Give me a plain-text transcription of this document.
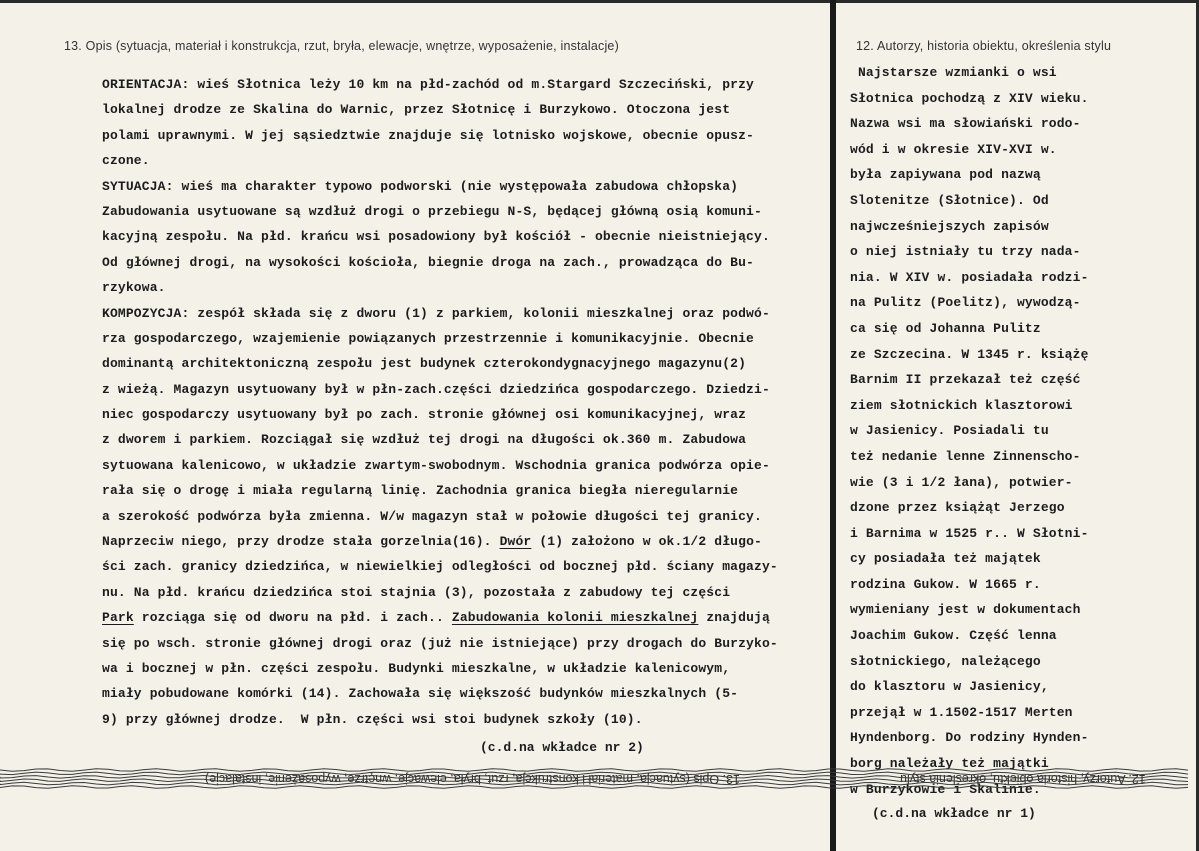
13. Opis (sytuacja, materiał i konstrukcja, rzut, bryła, elewacje, wnętrze, wyposażenie, instalacje)	12. Autorzy, historia obiektu, określenia stylu
ORIENTACJA: wieś Słotnica leży 10 km na płd-zachód od m.Stargard Szczeciński, przy
lokalnej drodze ze Skalina do Warnic, przez Słotnicę i Burzykowo. Otoczona jest
polami uprawnymi. W jej sąsiedztwie znajduje się lotnisko wojskowe, obecnie opusz-
czone.
SYTUACJA: wieś ma charakter typowo podworski (nie występowała zabudowa chłopska)
Zabudowania usytuowane są wzdłuż drogi o przebiegu N-S, będącej główną osią komuni-
kacyjną zespołu. Na płd. krańcu wsi posadowiony był kościół - obecnie nieistniejący.
Od głównej drogi, na wysokości kościoła, biegnie droga na zach., prowadząca do Bu-
rzykowa.
KOMPOZYCJA: zespół składa się z dworu (1) z parkiem, kolonii mieszkalnej oraz podwó-
rza gospodarczego, wzajemienie powiązanych przestrzennie i komunikacyjnie. Obecnie
dominantą architektoniczną zespołu jest budynek czterokondygnacyjnego magazynu(2)
z wieżą. Magazyn usytuowany był w płn-zach.części dziedzińca gospodarczego. Dziedzi-
niec gospodarczy usytuowany był po zach. stronie głównej osi komunikacyjnej, wraz
z dworem i parkiem. Rozciągał się wzdłuż tej drogi na długości ok.360 m. Zabudowa
sytuowana kalenicowo, w układzie zwartym-swobodnym. Wschodnia granica podwórza opie-
rała się o drogę i miała regularną linię. Zachodnia granica biegła nieregularnie
a szerokość podwórza była zmienna. W/w magazyn stał w połowie długości tej granicy.
Naprzeciw niego, przy drodze stała gorzelnia(16). Dwór (1) założono w ok.1/2 długo-
ści zach. granicy dziedzińca, w niewielkiej odległości od bocznej płd. ściany magazy-
nu. Na płd. krańcu dziedzińca stoi stajnia (3), pozostała z zabudowy tej części
Park rozciąga się od dworu na płd. i zach.. Zabudowania kolonii mieszkalnej znajdują
się po wsch. stronie głównej drogi oraz (już nie istniejące) przy drogach do Burzyko-
wa i bocznej w płn. części zespołu. Budynki mieszkalne, w układzie kalenicowym,
miały pobudowane komórki (14). Zachowała się większość budynków mieszkalnych (5-
9) przy głównej drodze.  W płn. części wsi stoi budynek szkoły (10).
Najstarsze wzmianki o wsi
Słotnica pochodzą z XIV wieku.
Nazwa wsi ma słowiański rodo-
wód i w okresie XIV-XVI w.
była zapiywana pod nazwą
Slotenitze (Słotnice). Od
najwcześniejszych zapisów
o niej istniały tu trzy nada-
nia. W XIV w. posiadała rodzi-
na Pulitz (Poelitz), wywodzą-
ca się od Johanna Pulitz
ze Szczecina. W 1345 r. książę
Barnim II przekazał też część
ziem słotnickich klasztorowi
w Jasienicy. Posiadali tu
też nedanie lenne Zinnenscho-
wie (3 i 1/2 łana), potwier-
dzone przez książąt Jerzego
i Barnima w 1525 r.. W Słotni-
cy posiadała też majątek
rodzina Gukow. W 1665 r.
wymieniany jest w dokumentach
Joachim Gukow. Część lenna
słotnickiego, należącego
do klasztoru w Jasienicy,
przejął w 1.1502-1517 Merten
Hyndenborg. Do rodziny Hynden-
borg należały też majątki
w Burzykowie i Skalinie.
(c.d.na wkładce nr 2)
13. Opis (sytuacja, materiał i konstrukcja, rzut, bryła, elewacje, wnętrze, wyposażenie, instalacje)	12. Autorzy, historia obiektu, określenia stylu
(c.d.na wkładce nr 1)
